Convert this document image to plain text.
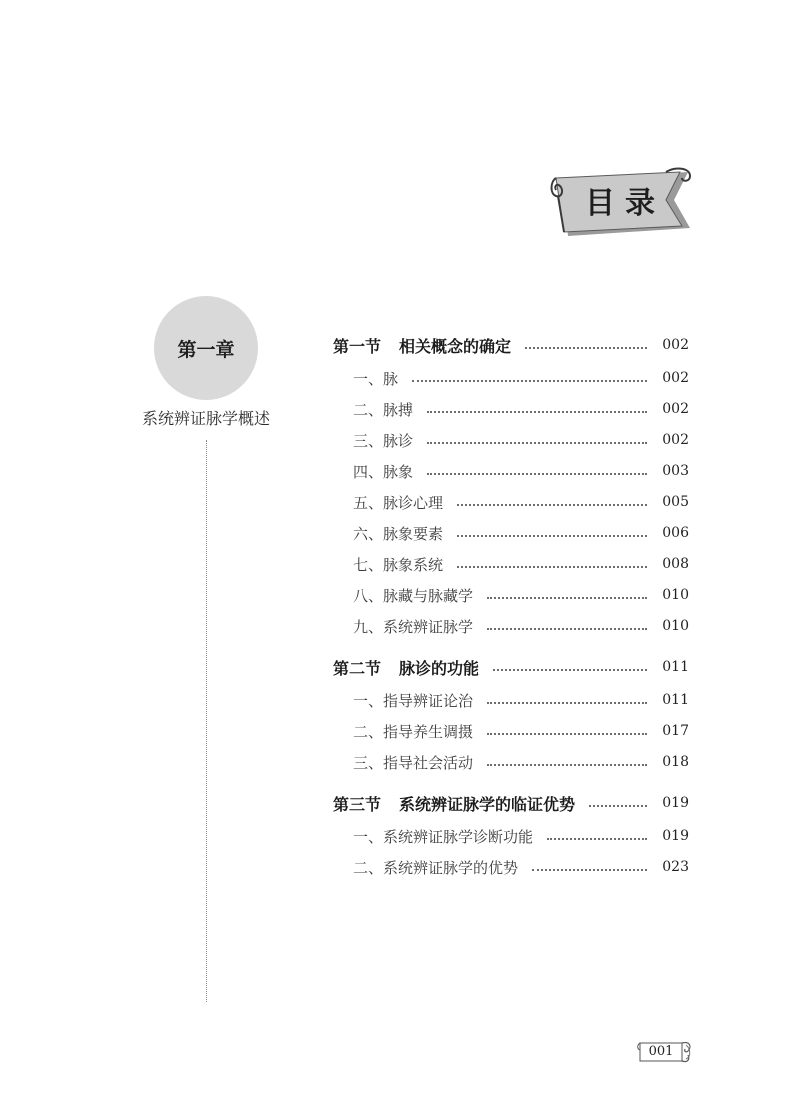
目录
第一章
系统辨证脉学概述
第一节 相关概念的确定	002
一、脉	002
二、脉搏	002
三、脉诊	002
四、脉象	003
五、脉诊心理	005
六、脉象要素	006
七、脉象系统	008
八、脉藏与脉藏学	010
九、系统辨证脉学	010
第二节 脉诊的功能	011
一、指导辨证论治	011
二、指导养生调摄	017
三、指导社会活动	018
第三节 系统辨证脉学的临证优势	019
一、系统辨证脉学诊断功能	019
二、系统辨证脉学的优势	023
001
